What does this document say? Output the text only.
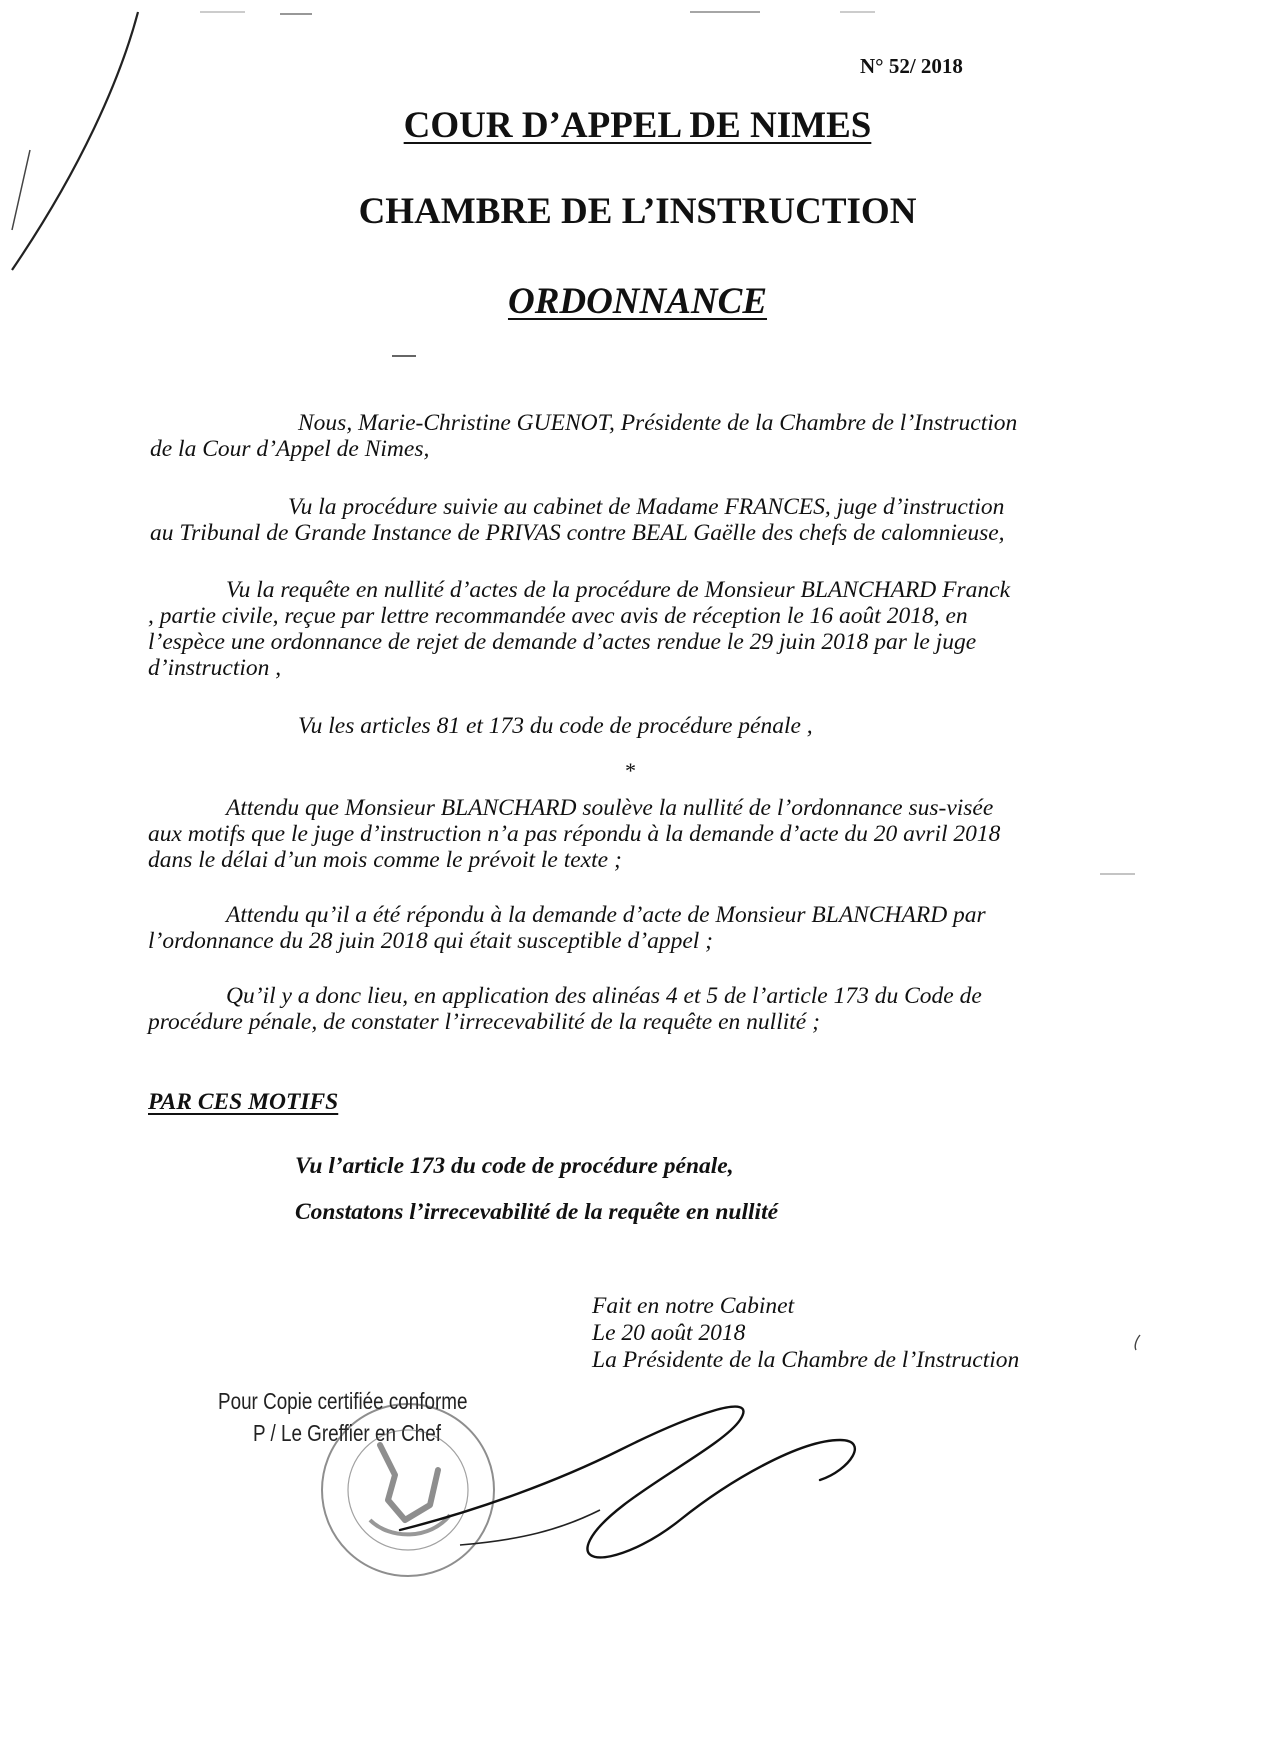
N° 52/ 2018
COUR D’APPEL DE NIMES
CHAMBRE DE L’INSTRUCTION
ORDONNANCE
Nous, Marie-Christine GUENOT, Présidente de la Chambre de l’Instruction
de la Cour d’Appel de Nimes,
Vu la procédure suivie au cabinet de Madame FRANCES, juge d’instruction
au Tribunal de Grande Instance de PRIVAS contre BEAL Gaëlle des chefs de calomnieuse,
Vu la requête en nullité d’actes de la procédure de Monsieur BLANCHARD Franck
, partie civile, reçue par lettre recommandée avec avis de réception le 16 août 2018, en
l’espèce une ordonnance de rejet de demande d’actes rendue le 29 juin 2018 par le juge
d’instruction ,
Vu les articles 81 et 173 du code de procédure pénale ,
*
Attendu que Monsieur BLANCHARD soulève la nullité de l’ordonnance sus-visée
aux motifs que le juge d’instruction n’a pas répondu à la demande d’acte du 20 avril 2018
dans le délai d’un mois comme le prévoit le texte ;
Attendu qu’il a été répondu à la demande d’acte de Monsieur BLANCHARD par
l’ordonnance du 28 juin 2018 qui était susceptible d’appel ;
Qu’il y a donc lieu, en application des alinéas 4 et 5 de l’article 173 du Code de
procédure pénale, de constater l’irrecevabilité de la requête en nullité ;
PAR CES MOTIFS
Vu l’article 173 du code de procédure pénale,
Constatons l’irrecevabilité de la requête en nullité
Fait en notre Cabinet
Le 20 août 2018
La Présidente de la Chambre de l’Instruction
Pour Copie certifiée conforme
P / Le Greffier en Chef
